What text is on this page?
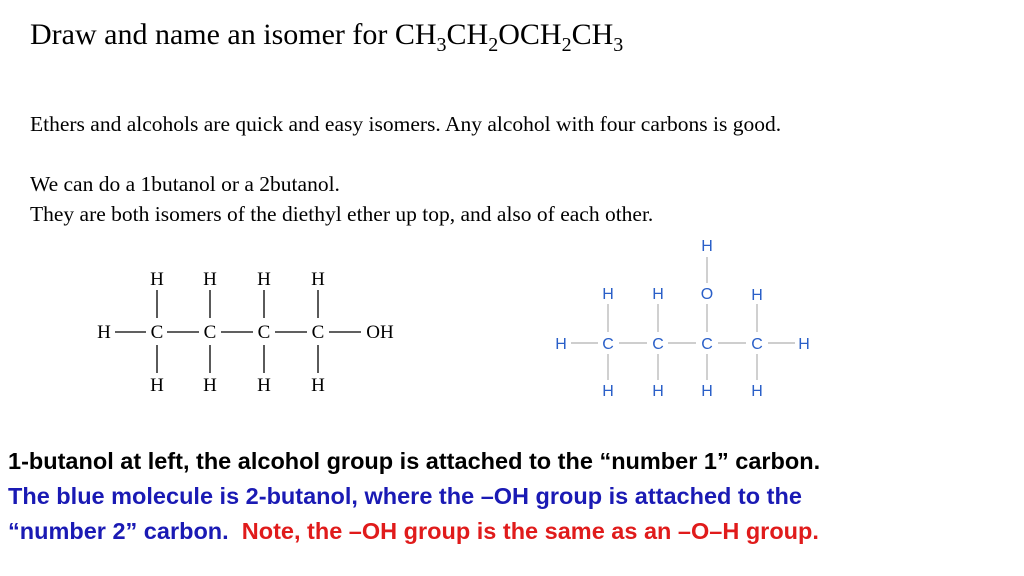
Draw and name an isomer for $CH_3CH_2OCH_2CH_3$
Ethers and alcohols are quick and easy isomers. Any alcohol with four carbons is good.
We can do a 1butanol or a 2butanol.
They are both isomers of the diethyl ether up top, and also of each other.
H H H H
H C C C C OH
H H H H
H
H H O H
H C C C C H
H H H H
1-butanol at left, the alcohol group is attached to the “number 1” carbon.
The blue molecule is 2-butanol, where the –OH group is attached to the
“number 2” carbon.  Note, the –OH group is the same as an –O–H group.
